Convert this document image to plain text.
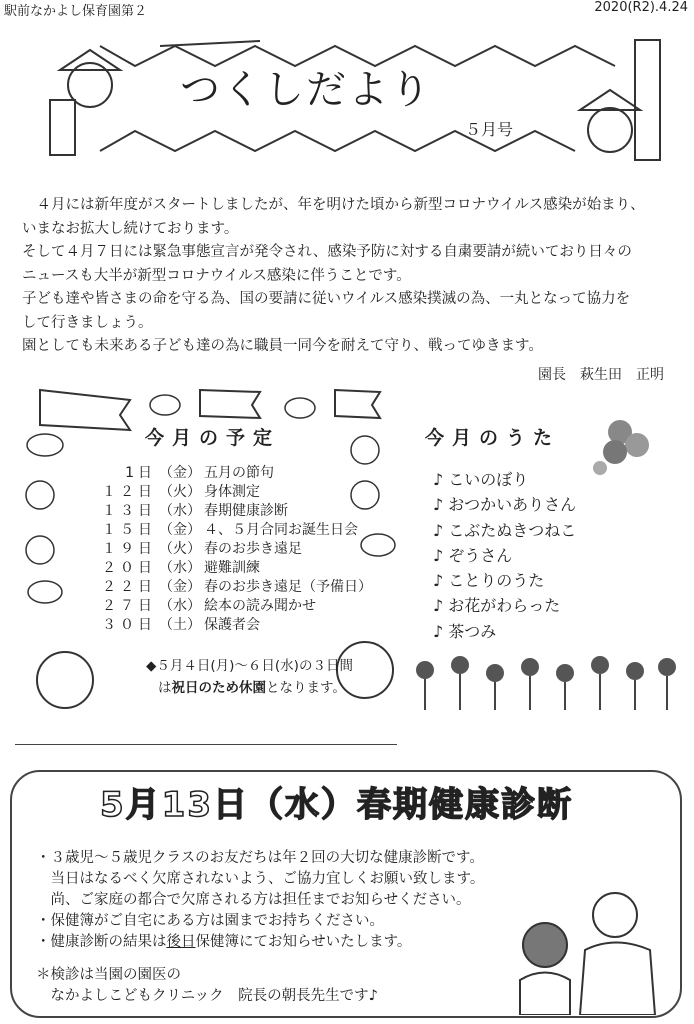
駅前なかよし保育園第２	2020(R2).4.24
つくしだより
５月号

　４月には新年度がスタートしましたが、年を明けた頃から新型コロナウイルス感染が始まり、

いまなお拡大し続けております。

そして４月７日には緊急事態宣言が発令され、感染予防に対する自粛要請が続いており日々の

ニュースも大半が新型コロナウイルス感染に伴うことです。

子ども達や皆さまの命を守る為、国の要請に従いウイルス感染撲滅の為、一丸となって協力を

して行きましょう。

園としても未来ある子ども達の為に職員一同今を耐えて守り、戦ってゆきます。

園長　萩生田　正明
今月の予定
1日 （金） 五月の節句
１２日 （火） 身体測定
１３日 （水） 春期健康診断
１５日 （金） ４、５月合同お誕生日会
１９日 （火） 春のお歩き遠足
２０日 （水） 避難訓練
２２日 （金） 春のお歩き遠足（予備日）
２７日 （水） 絵本の読み聞かせ
３０日 （土） 保護者会
◆５月４日(月)～６日(水)の３日間
は祝日のため休園となります。
今月のうた
♪ こいのぼり
♪ おつかいありさん
♪ こぶたぬきつねこ
♪ ぞうさん
♪ ことりのうた
♪ お花がわらった
♪ 茶つみ
5月13日（水）春期健康診断
・３歳児～５歳児クラスのお友だちは年２回の大切な健康診断です。
　当日はなるべく欠席されないよう、ご協力宜しくお願い致します。
　尚、ご家庭の都合で欠席される方は担任までお知らせください。
・保健簿がご自宅にある方は園までお持ちください。
・健康診断の結果は後日保健簿にてお知らせいたします。
＊検診は当園の園医の
　なかよしこどもクリニック　院長の朝長先生です♪
